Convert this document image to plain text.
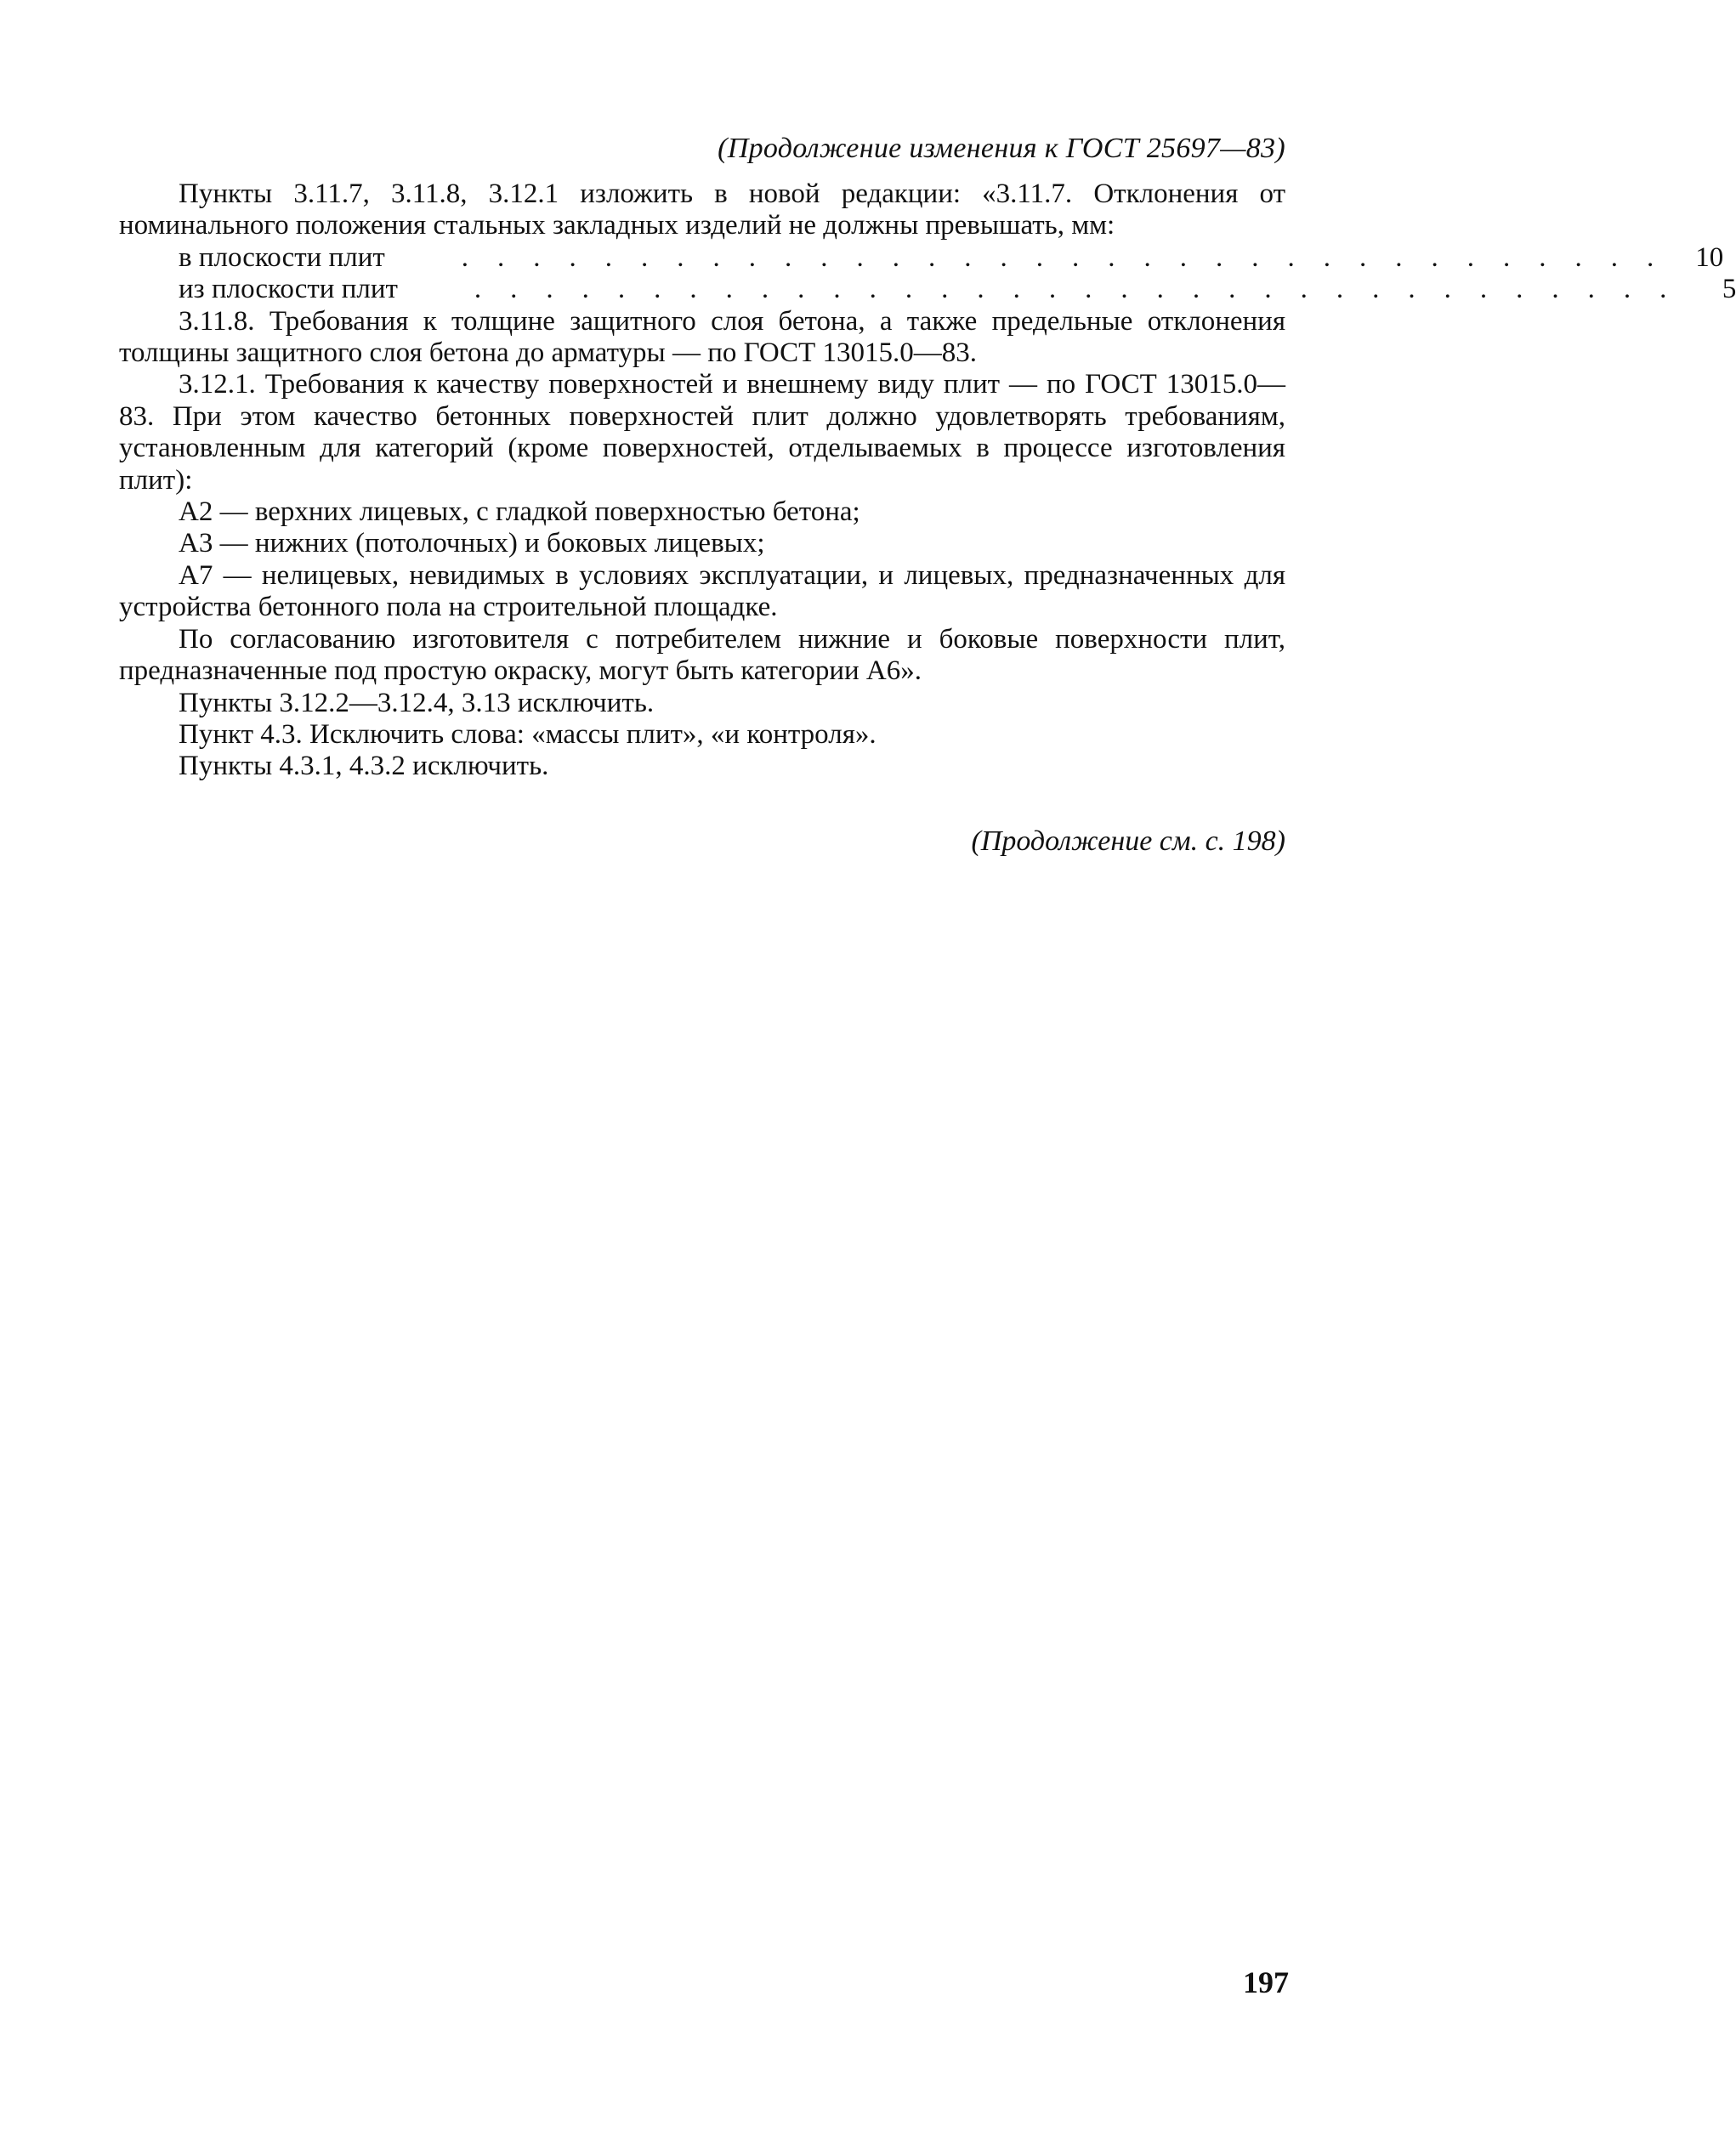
(Продолжение изменения к ГОСТ 25697—83)

Пункты 3.11.7, 3.11.8, 3.12.1 изложить в новой редакции: «3.11.7. Отклонения от номинального положения стальных закладных изделий не должны превышать, мм:

в плоскости плит	.................................. 10
из плоскости плит	.................................. 5

3.11.8. Требования к толщине защитного слоя бетона, а также предельные отклонения толщины защитного слоя бетона до арматуры — по ГОСТ 13015.0—83.

3.12.1. Требования к качеству поверхностей и внешнему виду плит — по ГОСТ 13015.0—83. При этом качество бетонных поверхностей плит должно удовлетворять требованиям, установленным для категорий (кроме поверхностей, отделываемых в процессе изготовления плит):

А2 — верхних лицевых, с гладкой поверхностью бетона;

А3 — нижних (потолочных) и боковых лицевых;

А7 — нелицевых, невидимых в условиях эксплуатации, и лицевых, предназначенных для устройства бетонного пола на строительной площадке.

По согласованию изготовителя с потребителем нижние и боковые поверхности плит, предназначенные под простую окраску, могут быть категории А6».

Пункты 3.12.2—3.12.4, 3.13 исключить.

Пункт 4.3. Исключить слова: «массы плит», «и контроля».

Пункты 4.3.1, 4.3.2 исключить.

(Продолжение см. с. 198)
197
